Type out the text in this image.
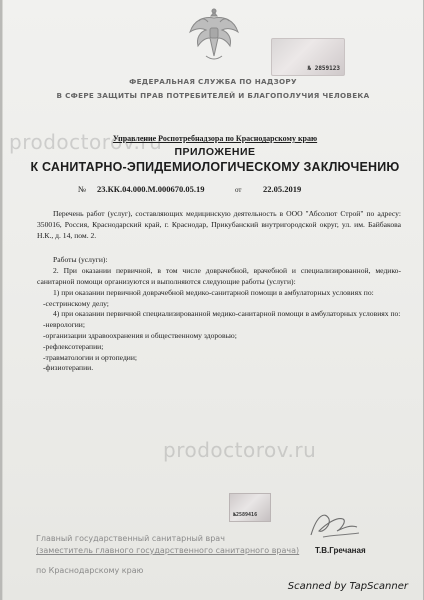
№ 2859123
ФЕДЕРАЛЬНАЯ СЛУЖБА ПО НАДЗОРУ
В СФЕРЕ ЗАЩИТЫ ПРАВ ПОТРЕБИТЕЛЕЙ И БЛАГОПОЛУЧИЯ ЧЕЛОВЕКА
prodoctorov.ru
Управление Роспотребнадзора по Краснодарскому краю
ПРИЛОЖЕНИЕ
К САНИТАРНО-ЭПИДЕМИОЛОГИЧЕСКОМУ ЗАКЛЮЧЕНИЮ
№ 23.КК.04.000.М.000670.05.19	от	22.05.2019

Перечень работ (услуг), составляющих медицинскую деятельность в ООО "Абсолют Строй" по адресу: 350016, Россия, Краснодарский край, г. Краснодар, Прикубанский внутригородской округ, ул. им. Байбакова Н.К., д. 14, пом. 2.

Работы (услуги):

2. При оказании первичной, в том числе доврачебной, врачебной и специализированной, медико-санитарной помощи организуются и выполняются следующие работы (услуги):

1) при оказании первичной доврачебной медико-санитарной помощи в амбулаторных условиях по:

-сестринскому делу;

4) при оказании первичной специализированной медико-санитарной помощи в амбулаторных условиях по:

-неврологии;

-организации здравоохранения и общественному здоровью;

-рефлексотерапии;

-травматологии и ортопедии;

-физиотерапии.

prodoctorov.ru
№2589416
Главный государственный санитарный врач
(заместитель главного государственного санитарного врача)
по Краснодарскому краю
Т.В.Гречаная
Scanned by TapScanner
